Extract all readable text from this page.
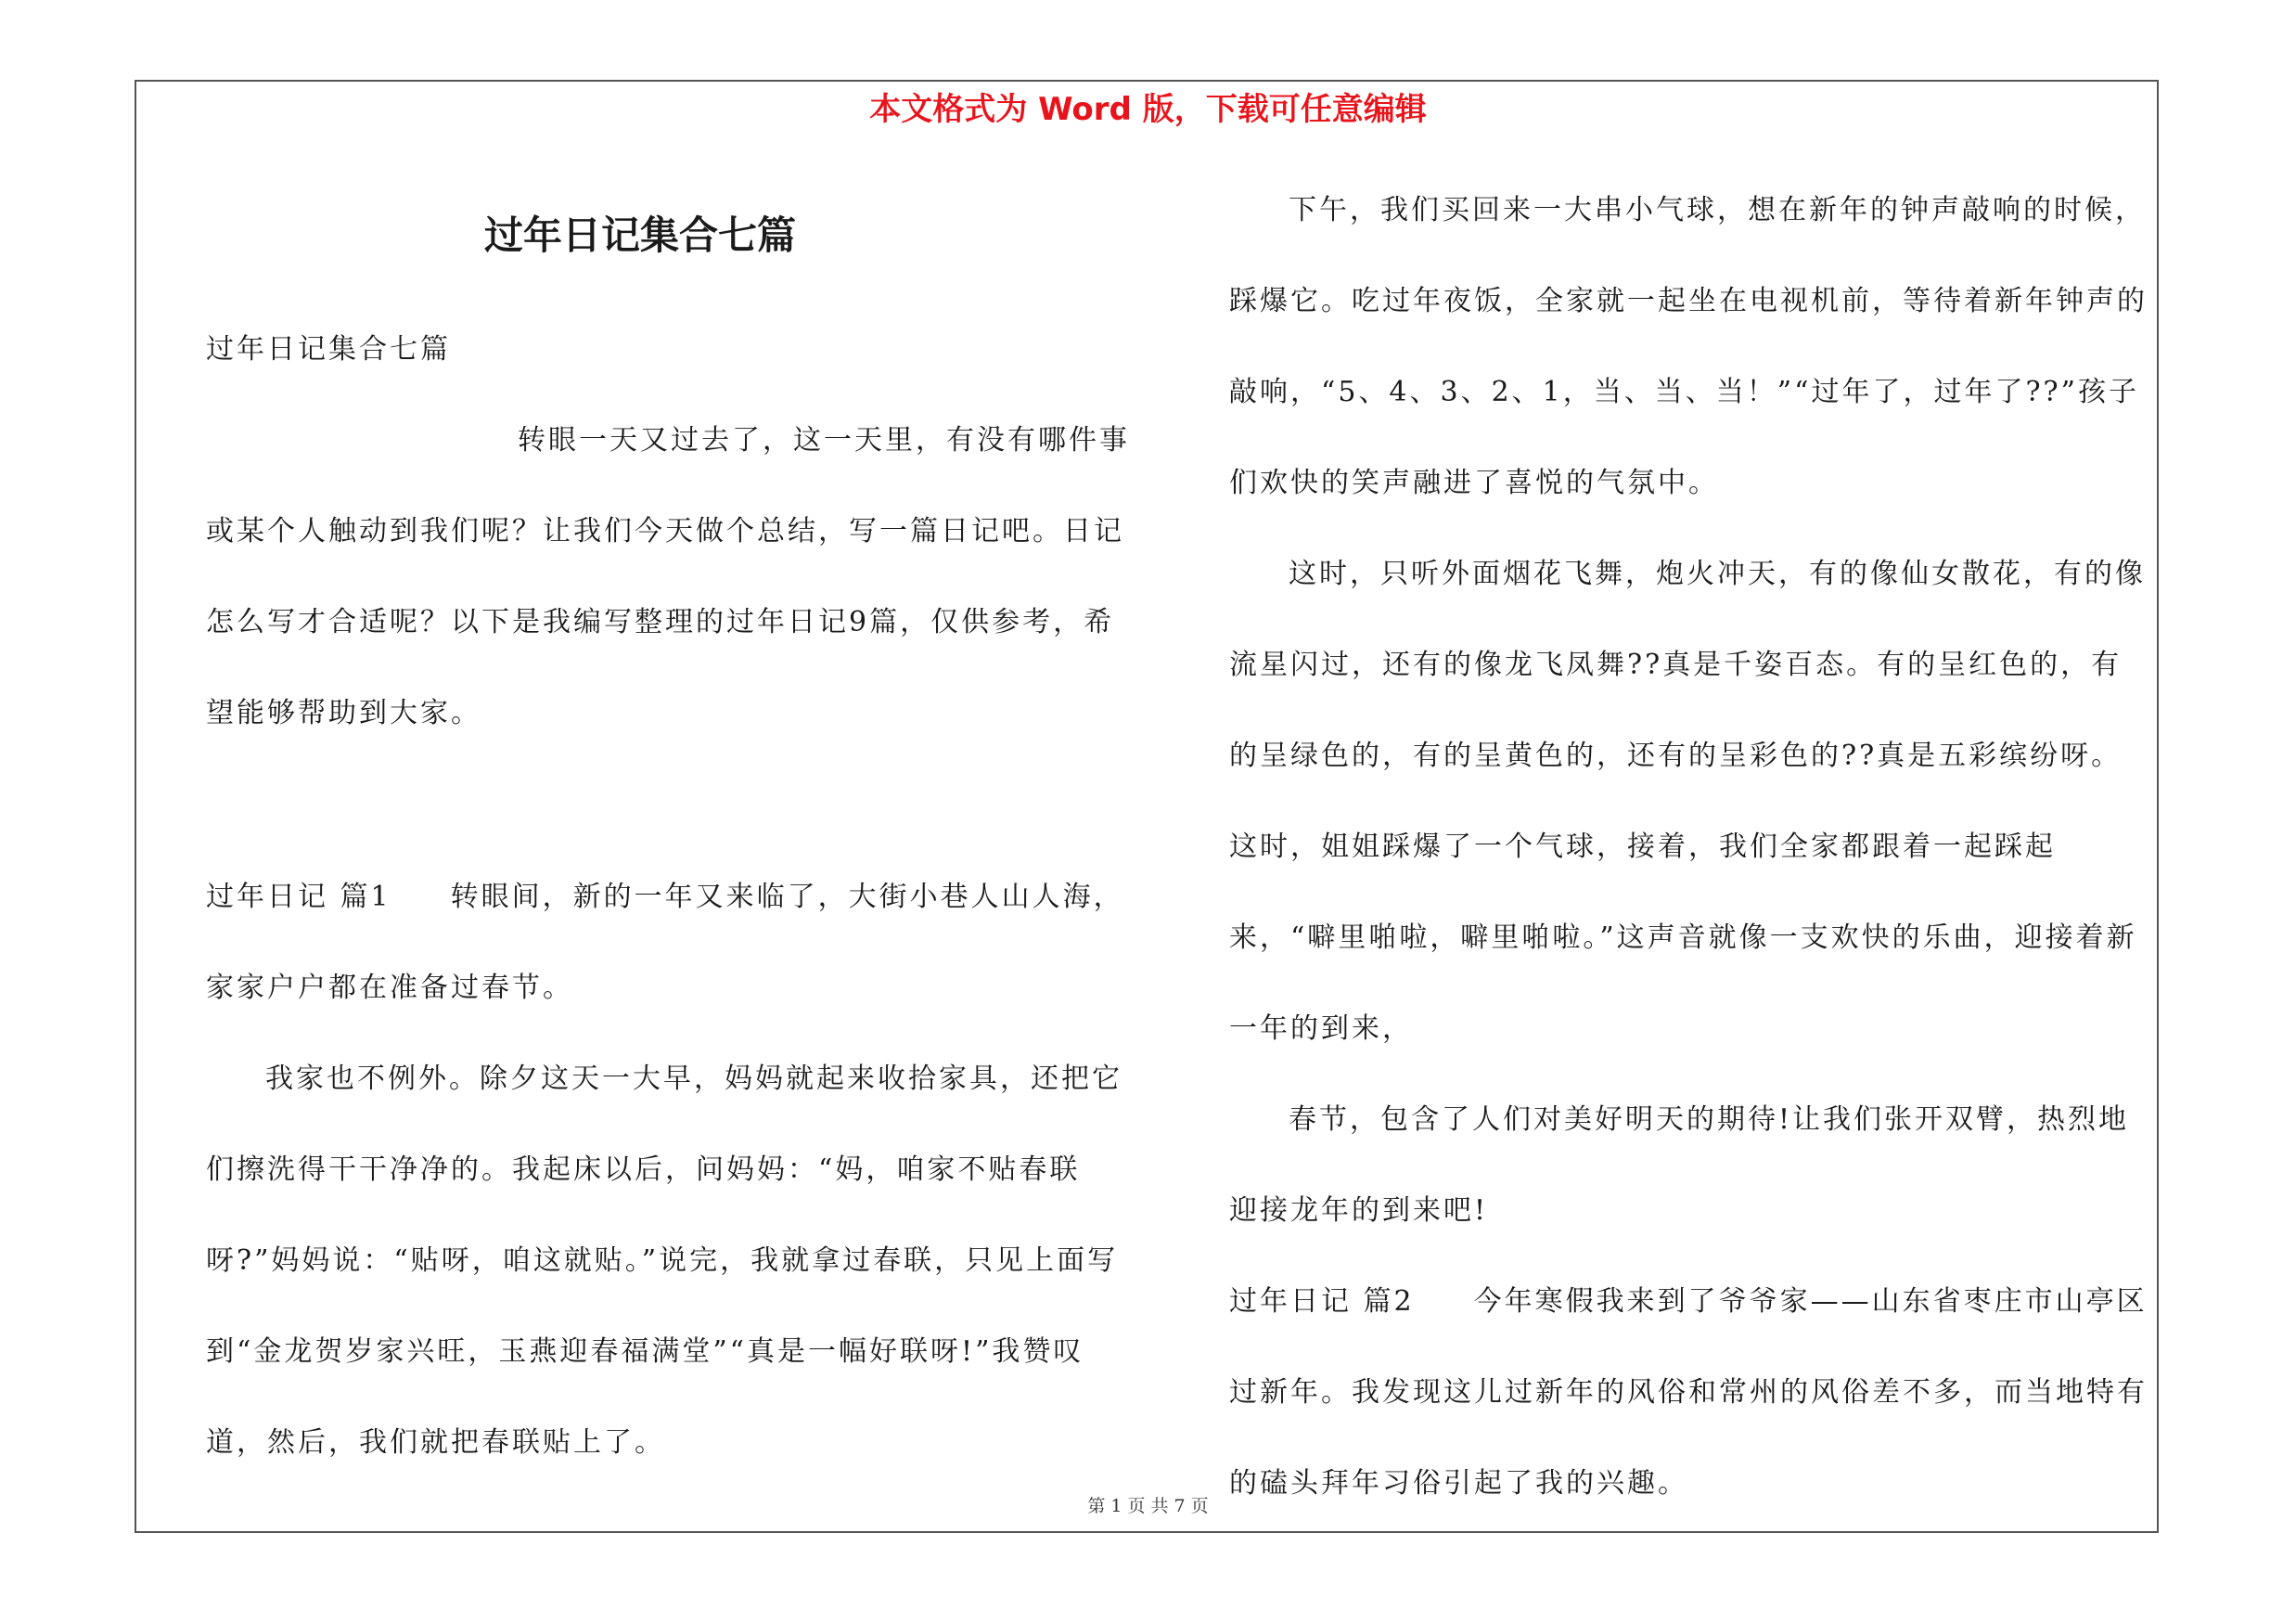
本文格式为 Word 版，下载可任意编辑
过年日记集合七篇

过年日记集合七篇

转眼一天又过去了，这一天里，有没有哪件事或某个人触动到我们呢？让我们今天做个总结，写一篇日记吧。日记怎么写才合适呢？以下是我编写整理的过年日记9篇，仅供参考，希望能够帮助到大家。

过年日记 篇1 转眼间，新的一年又来临了，大街小巷人山人海，家家户户都在准备过春节。

我家也不例外。除夕这天一大早，妈妈就起来收拾家具，还把它们擦洗得干干净净的。我起床以后，问妈妈：“妈，咱家不贴春联呀?”妈妈说：“贴呀，咱这就贴。”说完，我就拿过春联，只见上面写到“金龙贺岁家兴旺，玉燕迎春福满堂”“真是一幅好联呀!”我赞叹道，然后，我们就把春联贴上了。

下午，我们买回来一大串小气球，想在新年的钟声敲响的时候，踩爆它。吃过年夜饭，全家就一起坐在电视机前，等待着新年钟声的敲响，“5、4、3、2、1，当、当、当！”“过年了，过年了??”孩子们欢快的笑声融进了喜悦的气氛中。

这时，只听外面烟花飞舞，炮火冲天，有的像仙女散花，有的像流星闪过，还有的像龙飞凤舞??真是千姿百态。有的呈红色的，有的呈绿色的，有的呈黄色的，还有的呈彩色的??真是五彩缤纷呀。这时，姐姐踩爆了一个气球，接着，我们全家都跟着一起踩起来，“噼里啪啦，噼里啪啦。”这声音就像一支欢快的乐曲，迎接着新一年的到来，

春节，包含了人们对美好明天的期待!让我们张开双臂，热烈地迎接龙年的到来吧!

过年日记 篇2 今年寒假我来到了爷爷家——山东省枣庄市山亭区过新年。我发现这儿过新年的风俗和常州的风俗差不多，而当地特有的磕头拜年习俗引起了我的兴趣。

第 1 页 共 7 页
